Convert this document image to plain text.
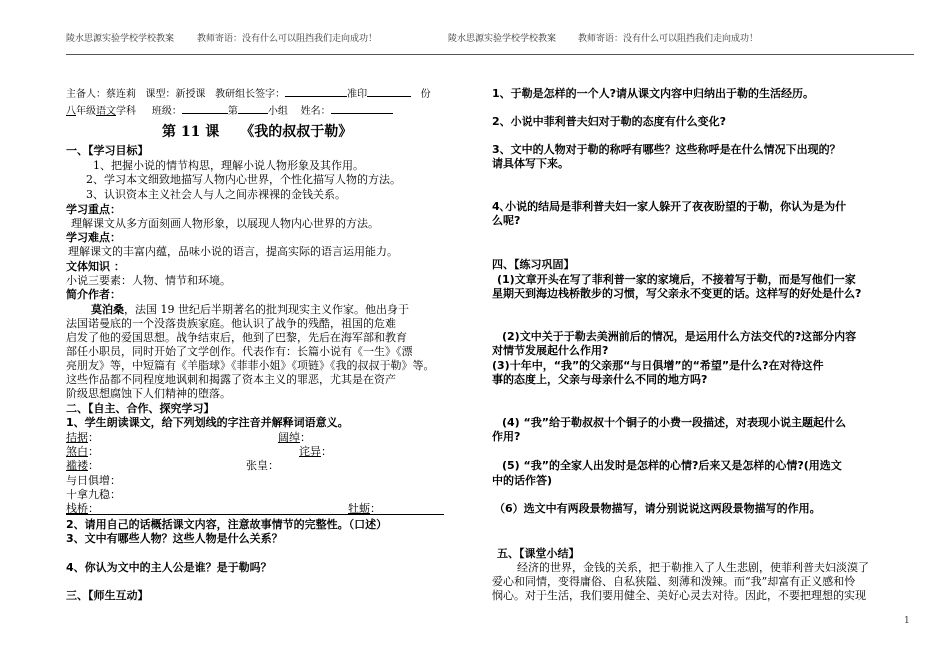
陵水思源实验学校学校教案	教师寄语：没有什么可以阻挡我们走向成功！	陵水思源实验学校学校教案 教师寄语：没有什么可以阻挡我们走向成功！
主备人：蔡连莉 课型：新授课 教研组长签字：	准印	份
八年级语文学科 班级：	第	小组 姓名：
第 11 课　　《我的叔叔于勒》
一、【学习目标】
1、把握小说的情节构思，理解小说人物形象及其作用。
2、学习本文细致地描写人物内心世界，个性化描写人物的方法。
3、认识资本主义社会人与人之间赤裸裸的金钱关系。
学习重点：
理解课文从多方面刻画人物形象，以展现人物内心世界的方法。
学习难点：
理解课文的丰富内蕴，品味小说的语言，提高实际的语言运用能力。
文体知识 ：
小说三要素：人物、情节和环境。
简介作者：
莫泊桑，法国 19 世纪后半期著名的批判现实主义作家。他出身于
法国诺曼底的一个没落贵族家庭。他认识了战争的残酷，祖国的危难
启发了他的爱国思想。战争结束后，他到了巴黎，先后在海军部和教育
部任小职员，同时开始了文学创作。代表作有：长篇小说有《一生》《漂
亮朋友》等，中短篇有《羊脂球》《菲菲小姐》《项链》《我的叔叔于勒》等。
这些作品都不同程度地讽刺和揭露了资本主义的罪恶，尤其是在资产
阶级思想腐蚀下人们精神的堕落。
二、【自主、合作、探究学习】
1、学生朗读课文，给下列划线的字注音并解释词语意义。
拮据：	阔绰：
煞白：	诧异：
褴褛：	张皇：
与日俱增：
十拿九稳：
栈桥：	牡蛎：
2、请用自己的话概括课文内容，注意故事情节的完整性。（口述）
3、文中有哪些人物？这些人物是什么关系？
4、你认为文中的主人公是谁？是于勒吗？
三、【师生互动】
1、于勒是怎样的一个人?请从课文内容中归纳出于勒的生活经历。
2、小说中菲利普夫妇对于勒的态度有什么变化?
3、文中的人物对于勒的称呼有哪些？这些称呼是在什么情况下出现的？
请具体写下来。
4､小说的结局是菲利普夫妇一家人躲开了夜夜盼望的于勒，你认为是为什
么呢?
四、【练习巩固】
(1)文章开头在写了菲利普一家的家境后，不接着写于勒，而是写他们一家
星期天到海边栈桥散步的习惯，写父亲永不变更的话。这样写的好处是什么?
(2)文中关于于勒去美洲前后的情况，是运用什么方法交代的?这部分内容
对情节发展起什么作用?
(3)十年中，“我”的父亲那“与日俱增”的“希望”是什么?在对待这件
事的态度上，父亲与母亲什么不同的地方吗?
(4) “我”给于勒叔叔十个铜子的小费一段描述，对表现小说主题起什么
作用?
(5) “我”的全家人出发时是怎样的心情?后来又是怎样的心情?(用选文
中的话作答)
（6）选文中有两段景物描写，请分别说说这两段景物描写的作用。
五、【课堂小结】
经济的世界，金钱的关系，把于勒推入了人生悲剧，使菲利普夫妇淡漠了
爱心和同情，变得庸俗、自私狭隘、刻薄和泼辣。而“我”却富有正义感和怜
悯心。对于生活，我们要用健全、美好心灵去对待。因此，不要把理想的实现
1
